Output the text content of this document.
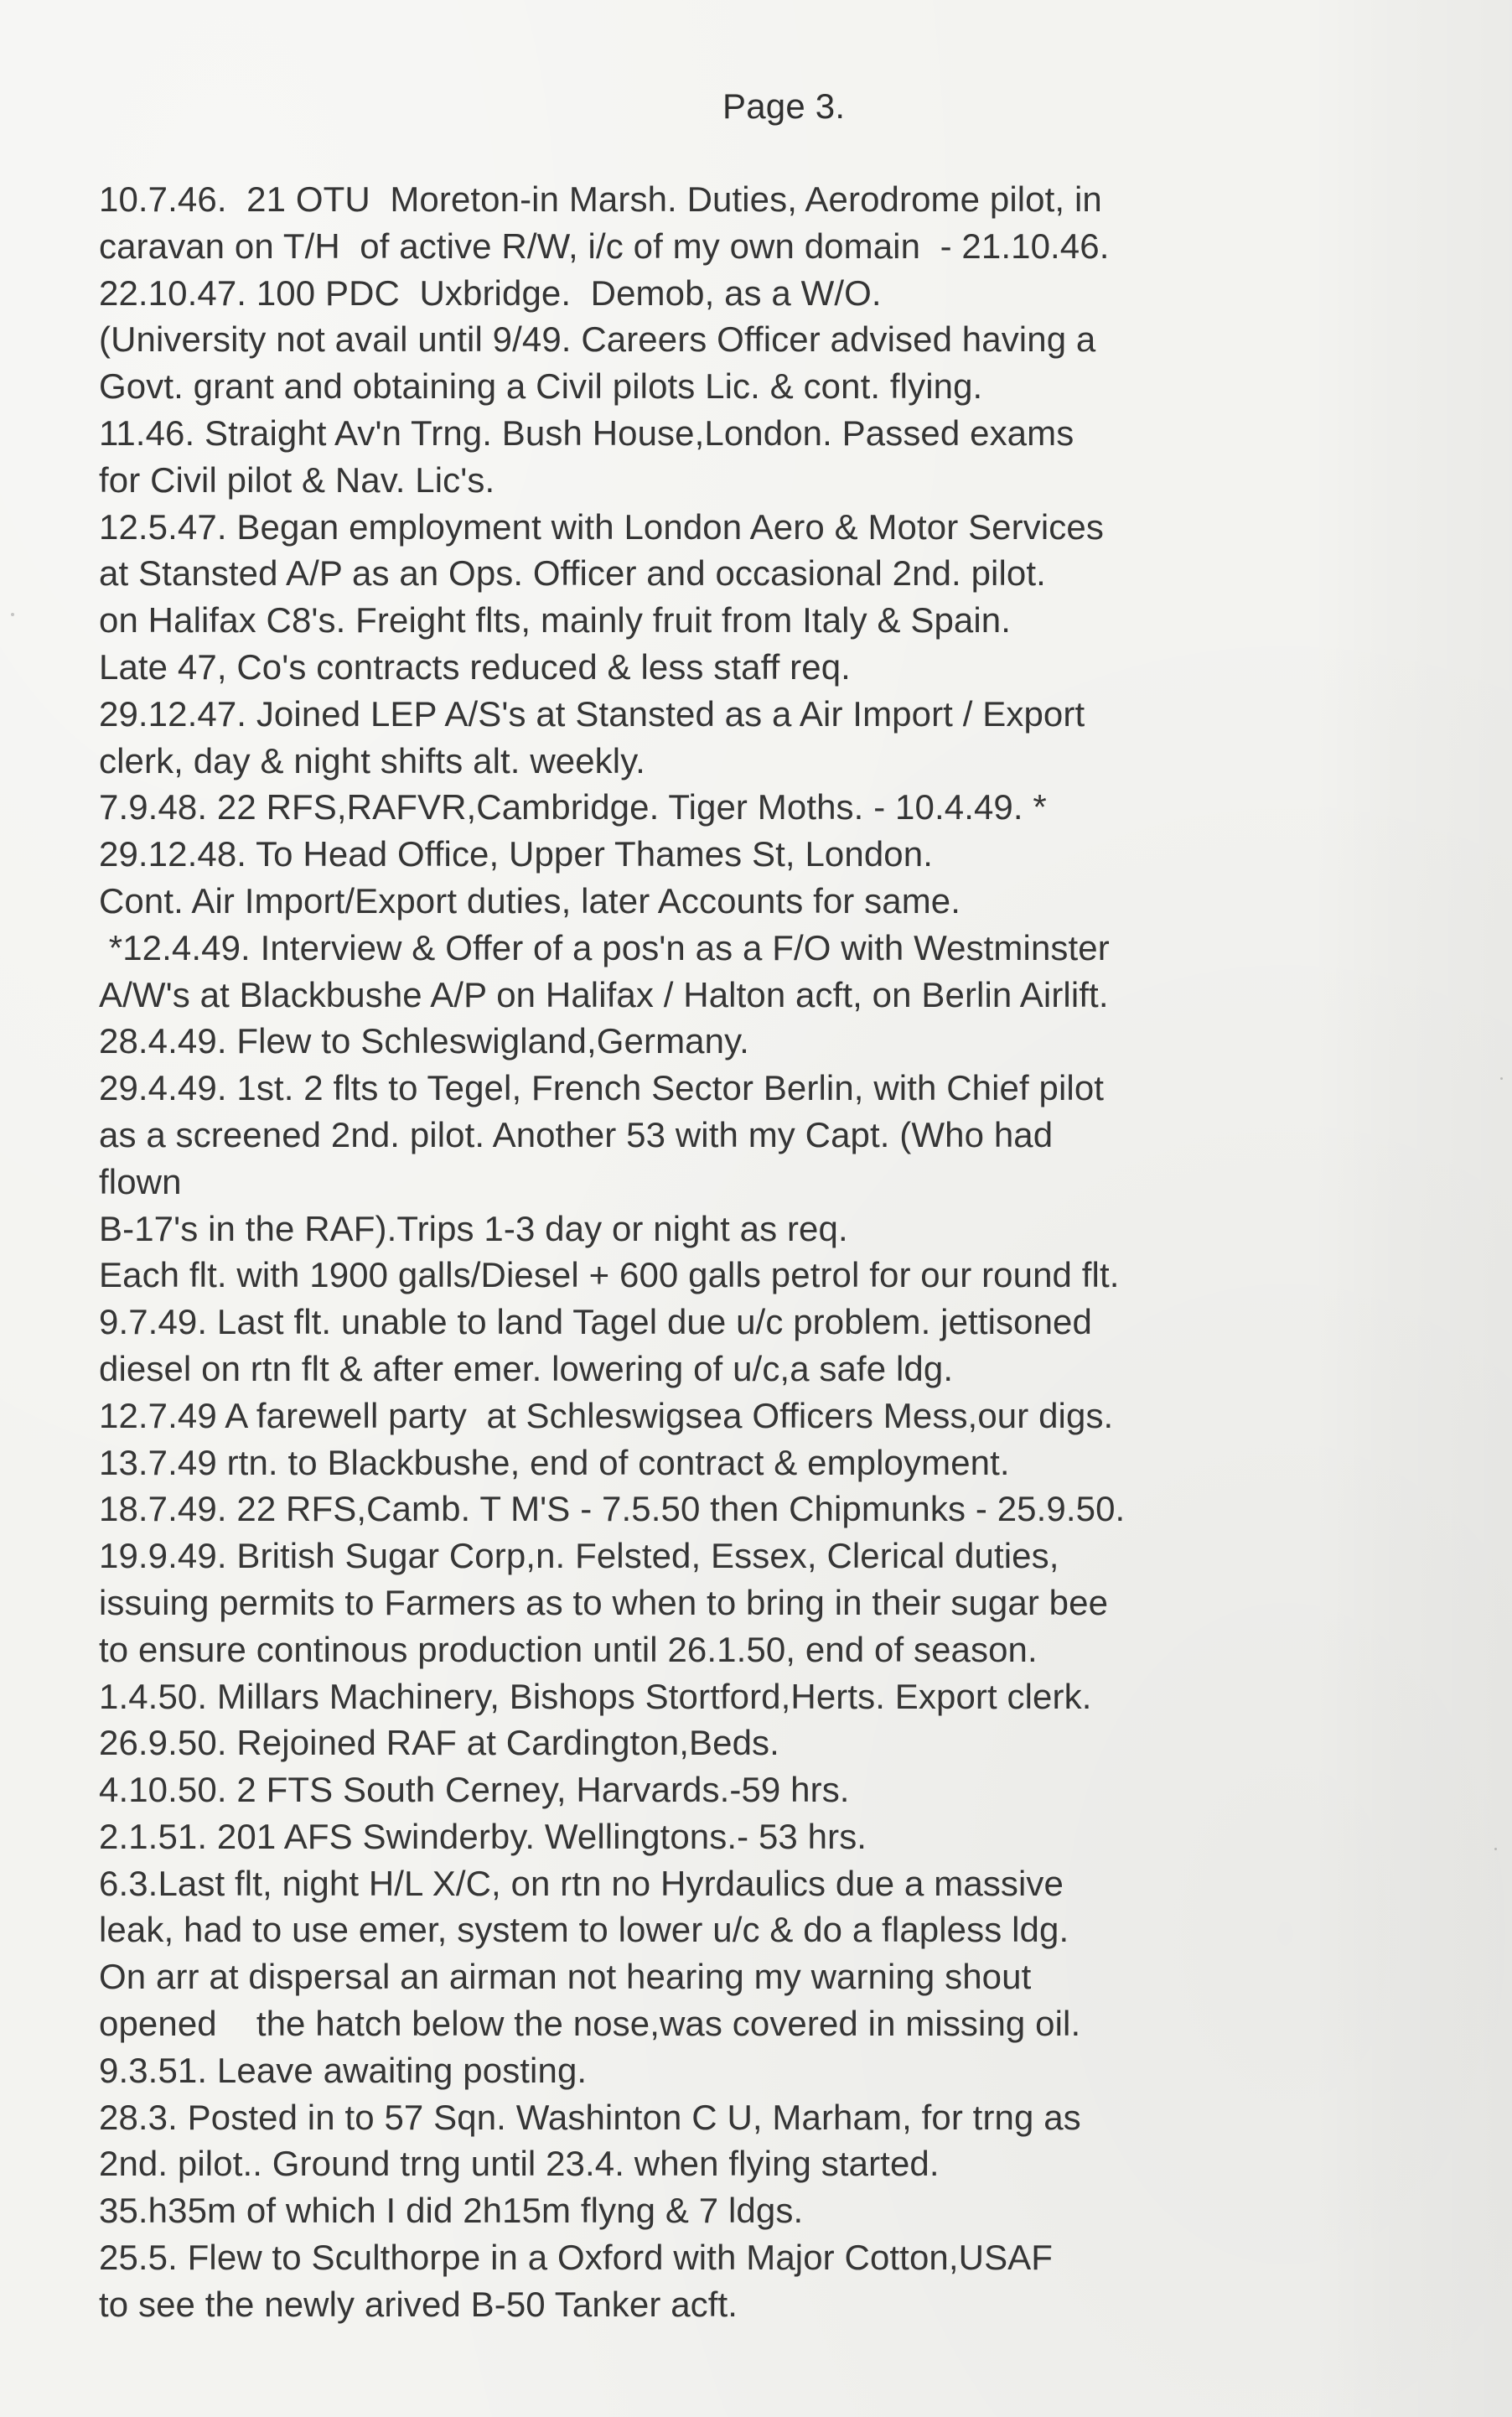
Page 3.
10.7.46.  21 OTU  Moreton-in Marsh. Duties, Aerodrome pilot, in
caravan on T/H  of active R/W, i/c of my own domain  - 21.10.46.
22.10.47. 100 PDC  Uxbridge.  Demob, as a W/O.
(University not avail until 9/49. Careers Officer advised having a
Govt. grant and obtaining a Civil pilots Lic. & cont. flying.
11.46. Straight Av'n Trng. Bush House,London. Passed exams
for Civil pilot & Nav. Lic's.
12.5.47. Began employment with London Aero & Motor Services
at Stansted A/P as an Ops. Officer and occasional 2nd. pilot.
on Halifax C8's. Freight flts, mainly fruit from Italy & Spain.
Late 47, Co's contracts reduced & less staff req.
29.12.47. Joined LEP A/S's at Stansted as a Air Import / Export
clerk, day & night shifts alt. weekly.
7.9.48. 22 RFS,RAFVR,Cambridge. Tiger Moths. - 10.4.49. *
29.12.48. To Head Office, Upper Thames St, London.
Cont. Air Import/Export duties, later Accounts for same.
*12.4.49. Interview & Offer of a pos'n as a F/O with Westminster
A/W's at Blackbushe A/P on Halifax / Halton acft, on Berlin Airlift.
28.4.49. Flew to Schleswigland,Germany.
29.4.49. 1st. 2 flts to Tegel, French Sector Berlin, with Chief pilot
as a screened 2nd. pilot. Another 53 with my Capt. (Who had
flown
B-17's in the RAF).Trips 1-3 day or night as req.
Each flt. with 1900 galls/Diesel + 600 galls petrol for our round flt.
9.7.49. Last flt. unable to land Tagel due u/c problem. jettisoned
diesel on rtn flt & after emer. lowering of u/c,a safe ldg.
12.7.49 A farewell party  at Schleswigsea Officers Mess,our digs.
13.7.49 rtn. to Blackbushe, end of contract & employment.
18.7.49. 22 RFS,Camb. T M'S - 7.5.50 then Chipmunks - 25.9.50.
19.9.49. British Sugar Corp,n. Felsted, Essex, Clerical duties,
issuing permits to Farmers as to when to bring in their sugar bee
to ensure continous production until 26.1.50, end of season.
1.4.50. Millars Machinery, Bishops Stortford,Herts. Export clerk.
26.9.50. Rejoined RAF at Cardington,Beds.
4.10.50. 2 FTS South Cerney, Harvards.-59 hrs.
2.1.51. 201 AFS Swinderby. Wellingtons.- 53 hrs.
6.3.Last flt, night H/L X/C, on rtn no Hyrdaulics due a massive
leak, had to use emer, system to lower u/c & do a flapless ldg.
On arr at dispersal an airman not hearing my warning shout
opened    the hatch below the nose,was covered in missing oil.
9.3.51. Leave awaiting posting.
28.3. Posted in to 57 Sqn. Washinton C U, Marham, for trng as
2nd. pilot.. Ground trng until 23.4. when flying started.
35.h35m of which I did 2h15m flyng & 7 ldgs.
25.5. Flew to Sculthorpe in a Oxford with Major Cotton,USAF
to see the newly arived B-50 Tanker acft.
